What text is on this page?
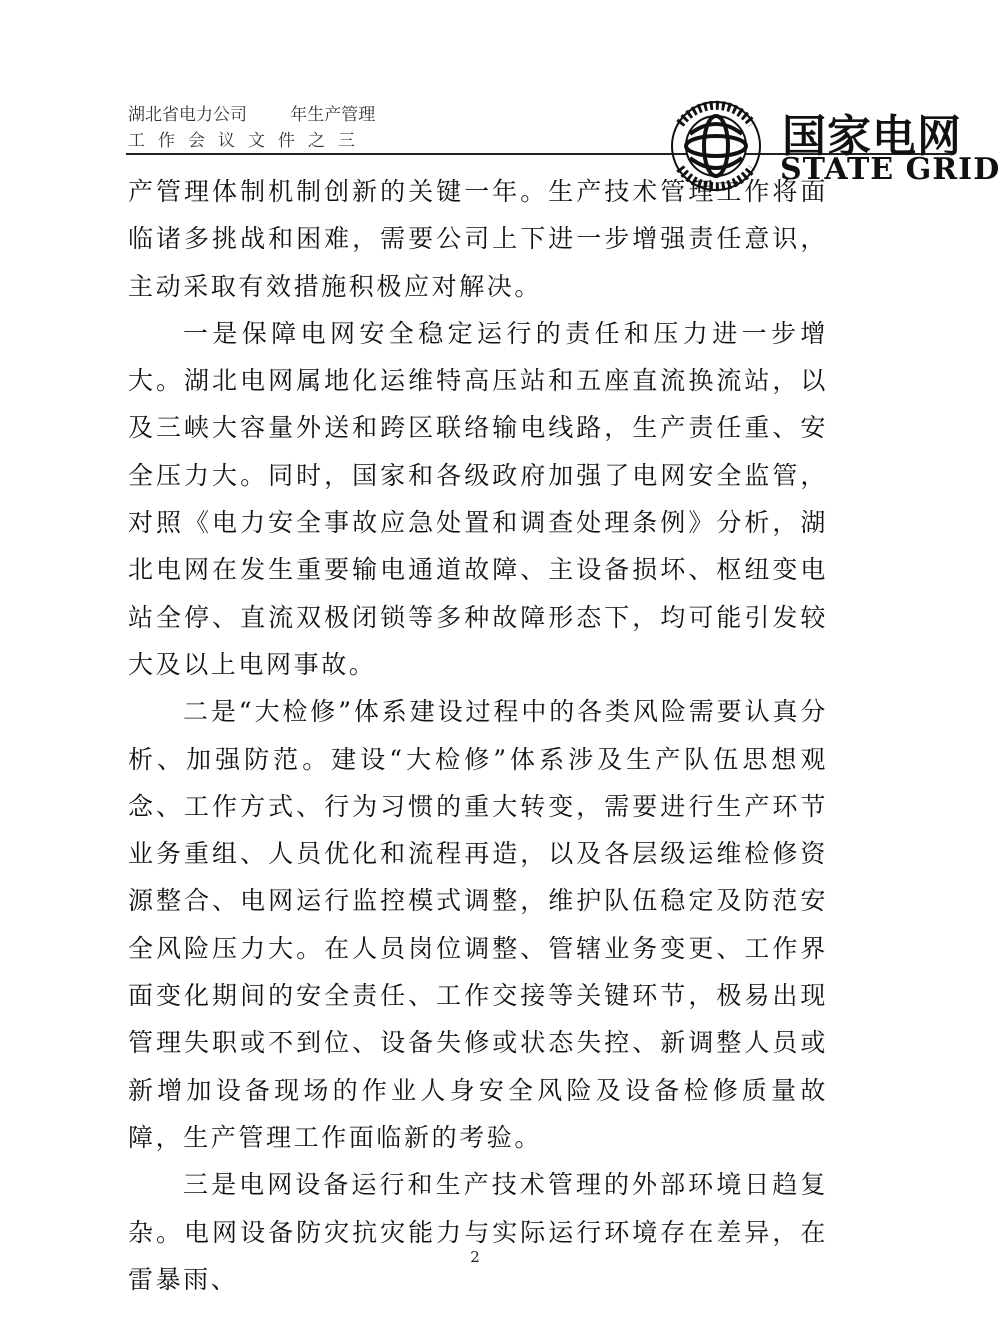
湖北省电力公司        年生产管理
工作会议文件之三	国家电网
STATE GRID

产管理体制机制创新的关键一年。生产技术管理工作将面临诸多挑战和困难，需要公司上下进一步增强责任意识，主动采取有效措施积极应对解决。

一是保障电网安全稳定运行的责任和压力进一步增大。湖北电网属地化运维特高压站和五座直流换流站，以及三峡大容量外送和跨区联络输电线路，生产责任重、安全压力大。同时，国家和各级政府加强了电网安全监管，对照《电力安全事故应急处置和调查处理条例》分析，湖北电网在发生重要输电通道故障、主设备损坏、枢纽变电站全停、直流双极闭锁等多种故障形态下，均可能引发较大及以上电网事故。

二是“大检修”体系建设过程中的各类风险需要认真分析、加强防范。建设“大检修”体系涉及生产队伍思想观念、工作方式、行为习惯的重大转变，需要进行生产环节业务重组、人员优化和流程再造，以及各层级运维检修资源整合、电网运行监控模式调整，维护队伍稳定及防范安全风险压力大。在人员岗位调整、管辖业务变更、工作界面变化期间的安全责任、工作交接等关键环节，极易出现管理失职或不到位、设备失修或状态失控、新调整人员或新增加设备现场的作业人身安全风险及设备检修质量故障，生产管理工作面临新的考验。

三是电网设备运行和生产技术管理的外部环境日趋复杂。电网设备防灾抗灾能力与实际运行环境存在差异，在雷暴雨、

2
